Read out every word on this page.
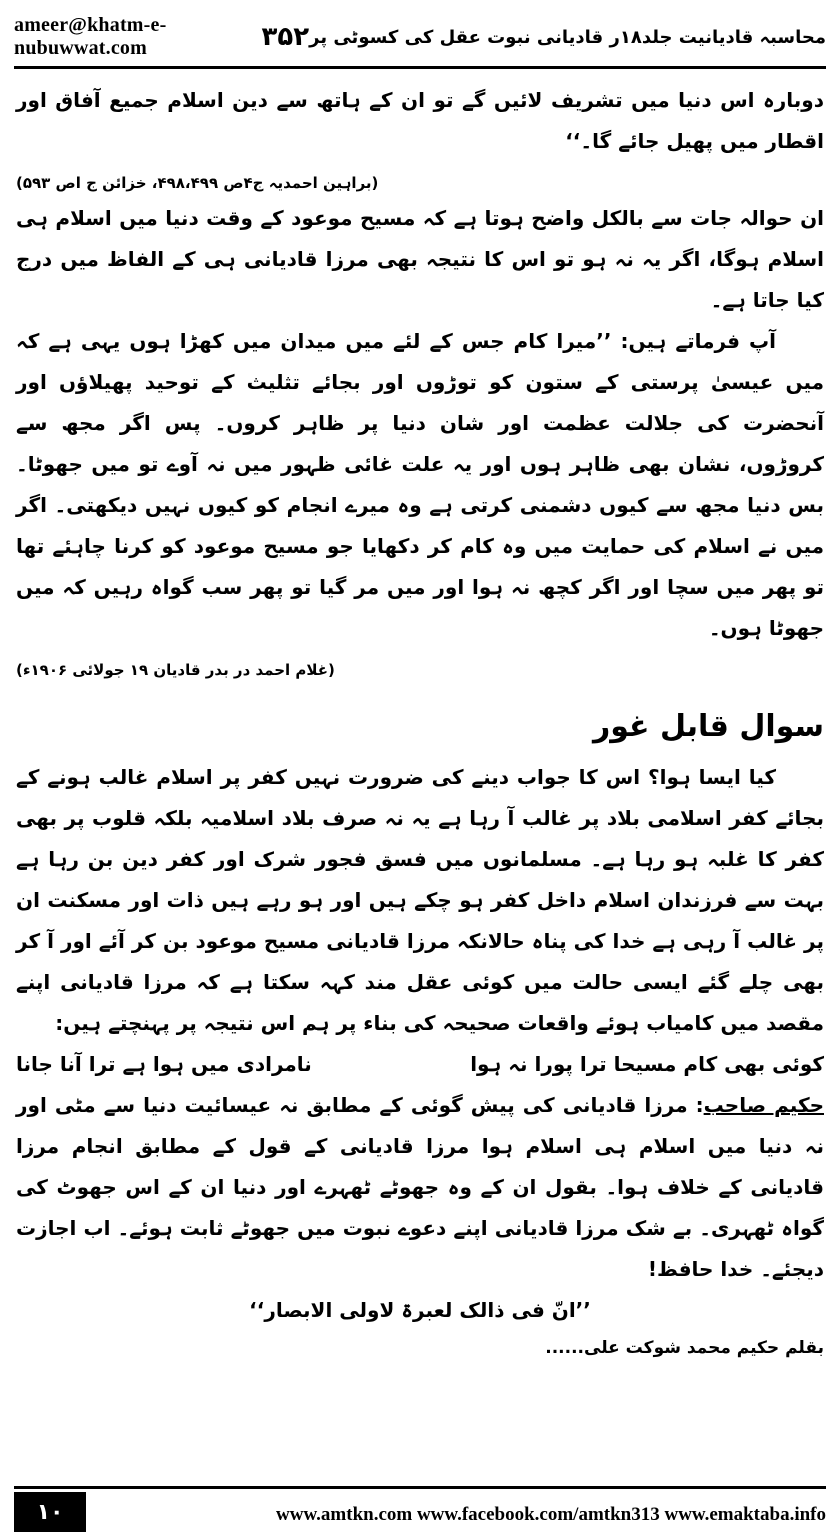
ameer@khatm-e-nubuwwat.com	۳۵۲ محاسبہ قادیانیت جلد۱۸ر قادیانی نبوت عقل کی کسوٹی پر

دوبارہ اس دنیا میں تشریف لائیں گے تو ان کے ہاتھ سے دین اسلام جمیع آفاق اور اقطار میں پھیل جائے گا۔‘‘

(براہین احمدیہ ج۴ص ۴۹۸،۴۹۹، خزائن ج اص ۵۹۳)

ان حوالہ جات سے بالکل واضح ہوتا ہے کہ مسیح موعود کے وقت دنیا میں اسلام ہی اسلام ہوگا، اگر یہ نہ ہو تو اس کا نتیجہ بھی مرزا قادیانی ہی کے الفاظ میں درج کیا جاتا ہے۔

آپ فرماتے ہیں: ’’میرا کام جس کے لئے میں میدان میں کھڑا ہوں یہی ہے کہ میں عیسیٰ پرستی کے ستون کو توڑوں اور بجائے تثلیث کے توحید پھیلاؤں اور آنحضرت کی جلالت عظمت اور شان دنیا پر ظاہر کروں۔ پس اگر مجھ سے کروڑوں، نشان بھی ظاہر ہوں اور یہ علت غائی ظہور میں نہ آوے تو میں جھوٹا۔ بس دنیا مجھ سے کیوں دشمنی کرتی ہے وہ میرے انجام کو کیوں نہیں دیکھتی۔ اگر میں نے اسلام کی حمایت میں وہ کام کر دکھایا جو مسیح موعود کو کرنا چاہئے تھا تو پھر میں سچا اور اگر کچھ نہ ہوا اور میں مر گیا تو پھر سب گواہ رہیں کہ میں جھوٹا ہوں۔

(غلام احمد در بدر قادیان ۱۹ جولائی ۱۹۰۶ء)

سوال قابل غور

کیا ایسا ہوا؟ اس کا جواب دینے کی ضرورت نہیں کفر پر اسلام غالب ہونے کے بجائے کفر اسلامی بلاد پر غالب آ رہا ہے یہ نہ صرف بلاد اسلامیہ بلکہ قلوب پر بھی کفر کا غلبہ ہو رہا ہے۔ مسلمانوں میں فسق فجور شرک اور کفر دین بن رہا ہے بہت سے فرزندان اسلام داخل کفر ہو چکے ہیں اور ہو رہے ہیں ذات اور مسکنت ان پر غالب آ رہی ہے خدا کی پناہ حالانکہ مرزا قادیانی مسیح موعود بن کر آئے اور آ کر بھی چلے گئے ایسی حالت میں کوئی عقل مند کہہ سکتا ہے کہ مرزا قادیانی اپنے مقصد میں کامیاب ہوئے واقعات صحیحہ کی بناء پر ہم اس نتیجہ پر پہنچتے ہیں:

کوئی بھی کام مسیحا ترا پورا نہ ہوا
نامرادی میں ہوا ہے ترا آنا جانا

حکیم صاحب: مرزا قادیانی کی پیش گوئی کے مطابق نہ عیسائیت دنیا سے مٹی اور نہ دنیا میں اسلام ہی اسلام ہوا مرزا قادیانی کے قول کے مطابق انجام مرزا قادیانی کے خلاف ہوا۔ بقول ان کے وہ جھوٹے ٹھہرے اور دنیا ان کے اس جھوٹ کی گواہ ٹھہری۔ بے شک مرزا قادیانی اپنے دعوے نبوت میں جھوٹے ثابت ہوئے۔ اب اجازت دیجئے۔ خدا حافظ!

’’انّ فی ذالک لعبرۃ لاولی الابصار‘‘

بقلم حکیم محمد شوکت علی......

۱۰	www.amtkn.com www.facebook.com/amtkn313 www.emaktaba.info
